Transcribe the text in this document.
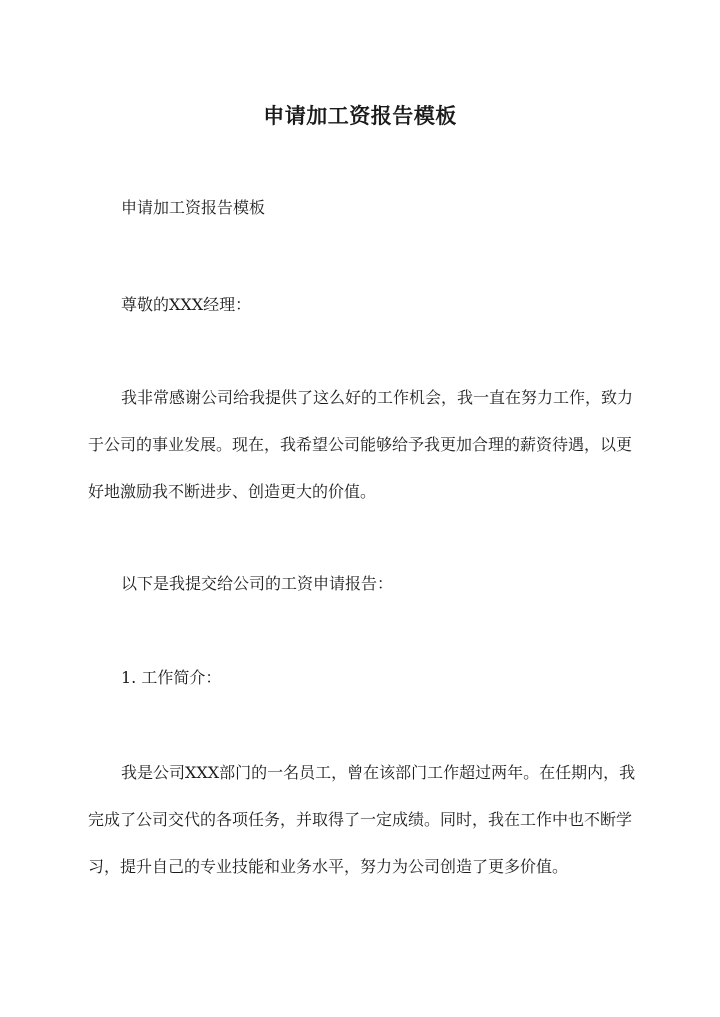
申请加工资报告模板

申请加工资报告模板

尊敬的XXX经理：

我非常感谢公司给我提供了这么好的工作机会，我一直在努力工作，致力于公司的事业发展。现在，我希望公司能够给予我更加合理的薪资待遇，以更好地激励我不断进步、创造更大的价值。

以下是我提交给公司的工资申请报告：

1. 工作简介：

我是公司XXX部门的一名员工，曾在该部门工作超过两年。在任期内，我完成了公司交代的各项任务，并取得了一定成绩。同时，我在工作中也不断学习，提升自己的专业技能和业务水平，努力为公司创造了更多价值。
